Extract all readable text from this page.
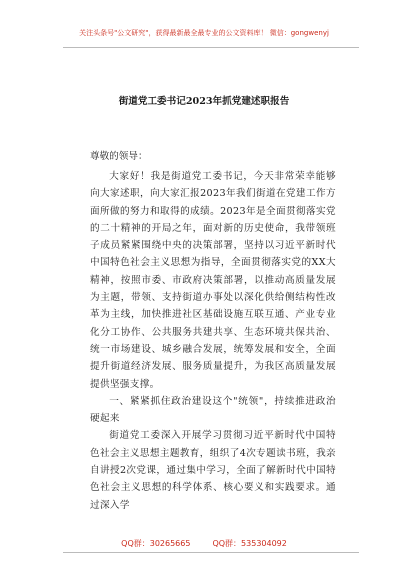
关注头条号"公文研究"，获得最新最全最专业的公文资料库！ 微信：gongwenyj
街道党工委书记2023年抓党建述职报告
尊敬的领导：

大家好！我是街道党工委书记，今天非常荣幸能够向大家述职，向大家汇报2023年我们街道在党建工作方面所做的努力和取得的成绩。2023年是全面贯彻落实党的二十精神的开局之年，面对新的历史使命，我带领班子成员紧紧围绕中央的决策部署，坚持以习近平新时代中国特色社会主义思想为指导，全面贯彻落实党的XX大精神，按照市委、市政府决策部署，以推动高质量发展为主题，带领、支持街道办事处以深化供给侧结构性改革为主线，加快推进社区基础设施互联互通、产业专业化分工协作、公共服务共建共享、生态环境共保共治、统一市场建设、城乡融合发展，统筹发展和安全，全面提升街道经济发展、服务质量提升，为我区高质量发展提供坚强支撑。

一、紧紧抓住政治建设这个"统领"，持续推进政治硬起来

街道党工委深入开展学习贯彻习近平新时代中国特色社会主义思想主题教育，组织了4次专题读书班，我亲自讲授2次党课，通过集中学习，全面了解新时代中国特色社会主义思想的科学体系、核心要义和实践要求。通过深入学

QQ群：30265665	QQ群：535304092
